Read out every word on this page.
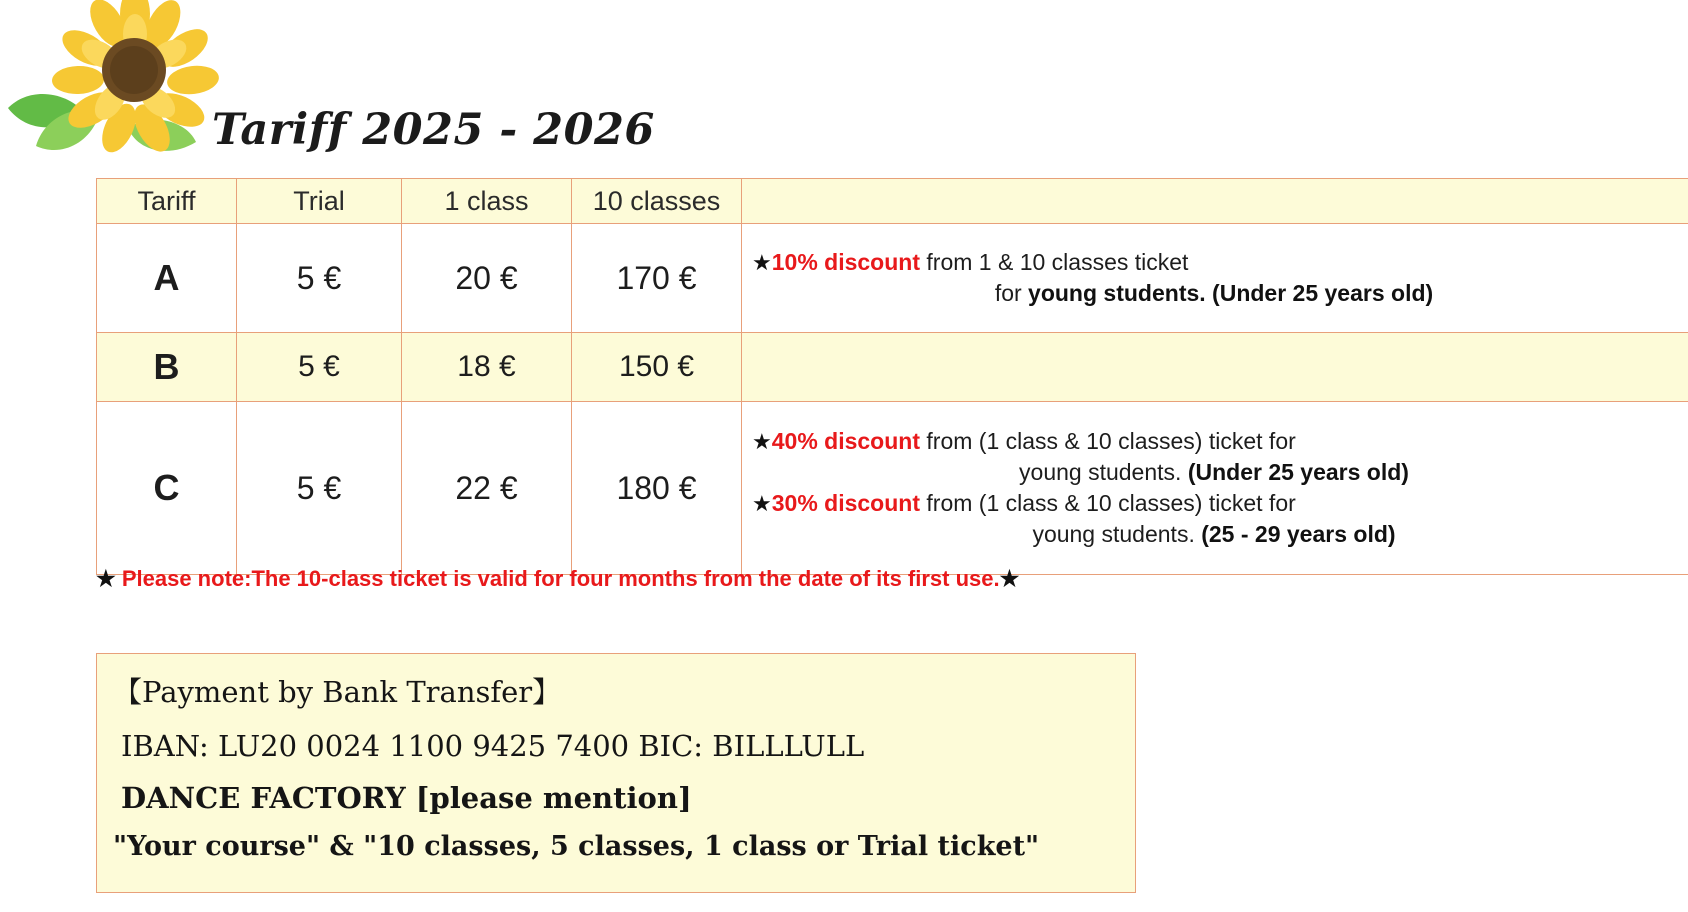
Tariff 2025 - 2026
Tariff	Trial	1 class	10 classes	
A	5 €	20 €	170 €	★10% discount from 1 & 10 classes ticket
for young students. (Under 25 years old)

B	5 €	18 €	150 €	
C	5 €	22 €	180 €	★40% discount from (1 class & 10 classes) ticket for
young students. (Under 25 years old)
★30% discount from (1 class & 10 classes) ticket for
young students. (25 - 29 years old)
★ Please note:The 10-class ticket is valid for four months from the date of its first use.★
【Payment by Bank Transfer】
IBAN: LU20 0024 1100 9425 7400 BIC: BILLLULL
DANCE FACTORY [please mention]
"Your course" & "10 classes, 5 classes, 1 class or Trial ticket"
